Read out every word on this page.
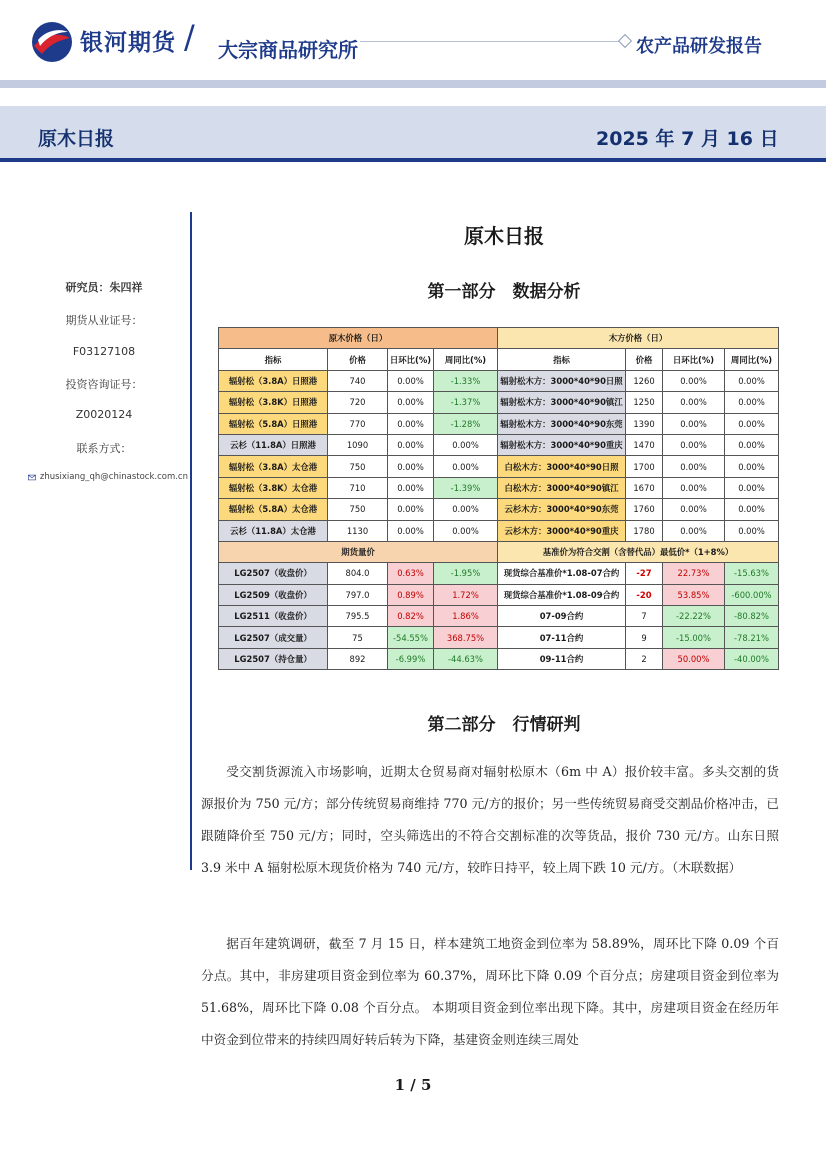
银河期货 / 大宗商品研究所	农产品研发报告
原木日报	2025 年 7 月 16 日
研究员：朱四祥
期货从业证号：
F03127108
投资咨询证号：
Z0020124
联系方式：
zhusixiang_qh@chinastock.com.cn
原木日报
第一部分　数据分析
原木价格（日）				木方价格（日）			
指标	价格	日环比(%)	周同比(%)	指标	价格	日环比(%)	周同比(%)
辐射松（3.8A）日照港	740	0.00%	-1.33%	辐射松木方：3000*40*90日照	1260	0.00%	0.00%
辐射松（3.8K）日照港	720	0.00%	-1.37%	辐射松木方：3000*40*90镇江	1250	0.00%	0.00%
辐射松（5.8A）日照港	770	0.00%	-1.28%	辐射松木方：3000*40*90东莞	1390	0.00%	0.00%
云杉（11.8A）日照港	1090	0.00%	0.00%	辐射松木方：3000*40*90重庆	1470	0.00%	0.00%
辐射松（3.8A）太仓港	750	0.00%	0.00%	白松木方：3000*40*90日照	1700	0.00%	0.00%
辐射松（3.8K）太仓港	710	0.00%	-1.39%	白松木方：3000*40*90镇江	1670	0.00%	0.00%
辐射松（5.8A）太仓港	750	0.00%	0.00%	云杉木方：3000*40*90东莞	1760	0.00%	0.00%
云杉（11.8A）太仓港	1130	0.00%	0.00%	云杉木方：3000*40*90重庆	1780	0.00%	0.00%
期货量价				基准价为符合交割（含替代品）最低价*（1+8%）			
LG2507（收盘价）	804.0	0.63%	-1.95%	现货综合基准价*1.08-07合约	-27	22.73%	-15.63%
LG2509（收盘价）	797.0	0.89%	1.72%	现货综合基准价*1.08-09合约	-20	53.85%	-600.00%
LG2511（收盘价）	795.5	0.82%	1.86%	07-09合约	7	-22.22%	-80.82%
LG2507（成交量）	75	-54.55%	368.75%	07-11合约	9	-15.00%	-78.21%
LG2507（持仓量）	892	-6.99%	-44.63%	09-11合约	2	50.00%	-40.00%
第二部分　行情研判
受交割货源流入市场影响，近期太仓贸易商对辐射松原木（6m 中 A）报价较丰富。多头交割的货源报价为 750 元/方；部分传统贸易商维持 770 元/方的报价；另一些传统贸易商受交割品价格冲击，已跟随降价至 750 元/方；同时，空头筛选出的不符合交割标准的次等货品，报价 730 元/方。山东日照 3.9 米中 A 辐射松原木现货价格为 740 元/方，较昨日持平，较上周下跌 10 元/方。（木联数据）
据百年建筑调研，截至 7 月 15 日，样本建筑工地资金到位率为 58.89%，周环比下降 0.09 个百分点。其中，非房建项目资金到位率为 60.37%，周环比下降 0.09 个百分点；房建项目资金到位率为 51.68%，周环比下降 0.08 个百分点。 本期项目资金到位率出现下降。其中，房建项目资金在经历年中资金到位带来的持续四周好转后转为下降，基建资金则连续三周处
1 / 5
